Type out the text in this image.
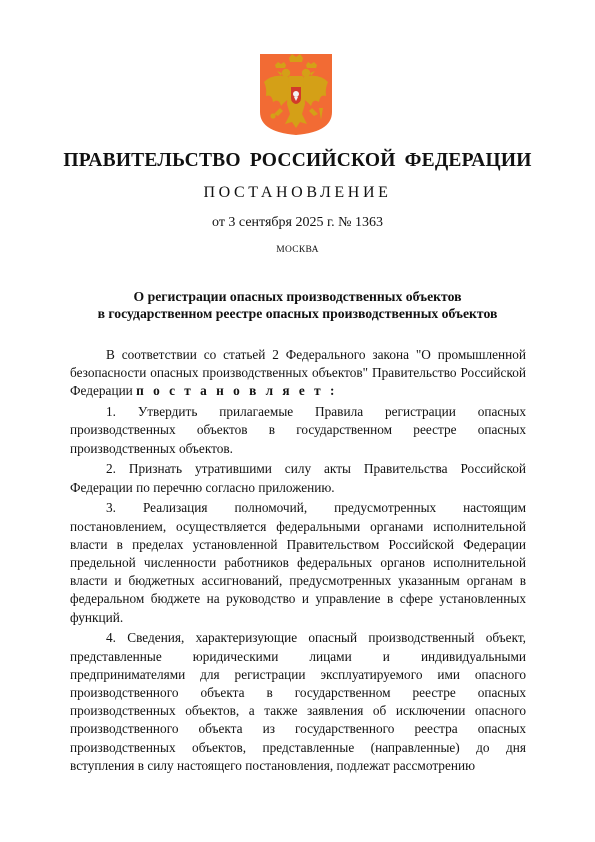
ПРАВИТЕЛЬСТВО РОССИЙСКОЙ ФЕДЕРАЦИИ
ПОСТАНОВЛЕНИЕ
от 3 сентября 2025 г. № 1363
МОСКВА
О регистрации опасных производственных объектов
в государственном реестре опасных производственных объектов

В соответствии со статьей 2 Федерального закона "О промышленной безопасности опасных производственных объектов" Правительство Российской Федерации п о с т а н о в л я е т :

1. Утвердить прилагаемые Правила регистрации опасных производственных объектов в государственном реестре опасных производственных объектов.

2. Признать утратившими силу акты Правительства Российской Федерации по перечню согласно приложению.

3. Реализация полномочий, предусмотренных настоящим постановлением, осуществляется федеральными органами исполнительной власти в пределах установленной Правительством Российской Федерации предельной численности работников федеральных органов исполнительной власти и бюджетных ассигнований, предусмотренных указанным органам в федеральном бюджете на руководство и управление в сфере установленных функций.

4. Сведения, характеризующие опасный производственный объект, представленные юридическими лицами и индивидуальными предпринимателями для регистрации эксплуатируемого ими опасного производственного объекта в государственном реестре опасных производственных объектов, а также заявления об исключении опасного производственного объекта из государственного реестра опасных производственных объектов, представленные (направленные) до дня вступления в силу настоящего постановления, подлежат рассмотрению
